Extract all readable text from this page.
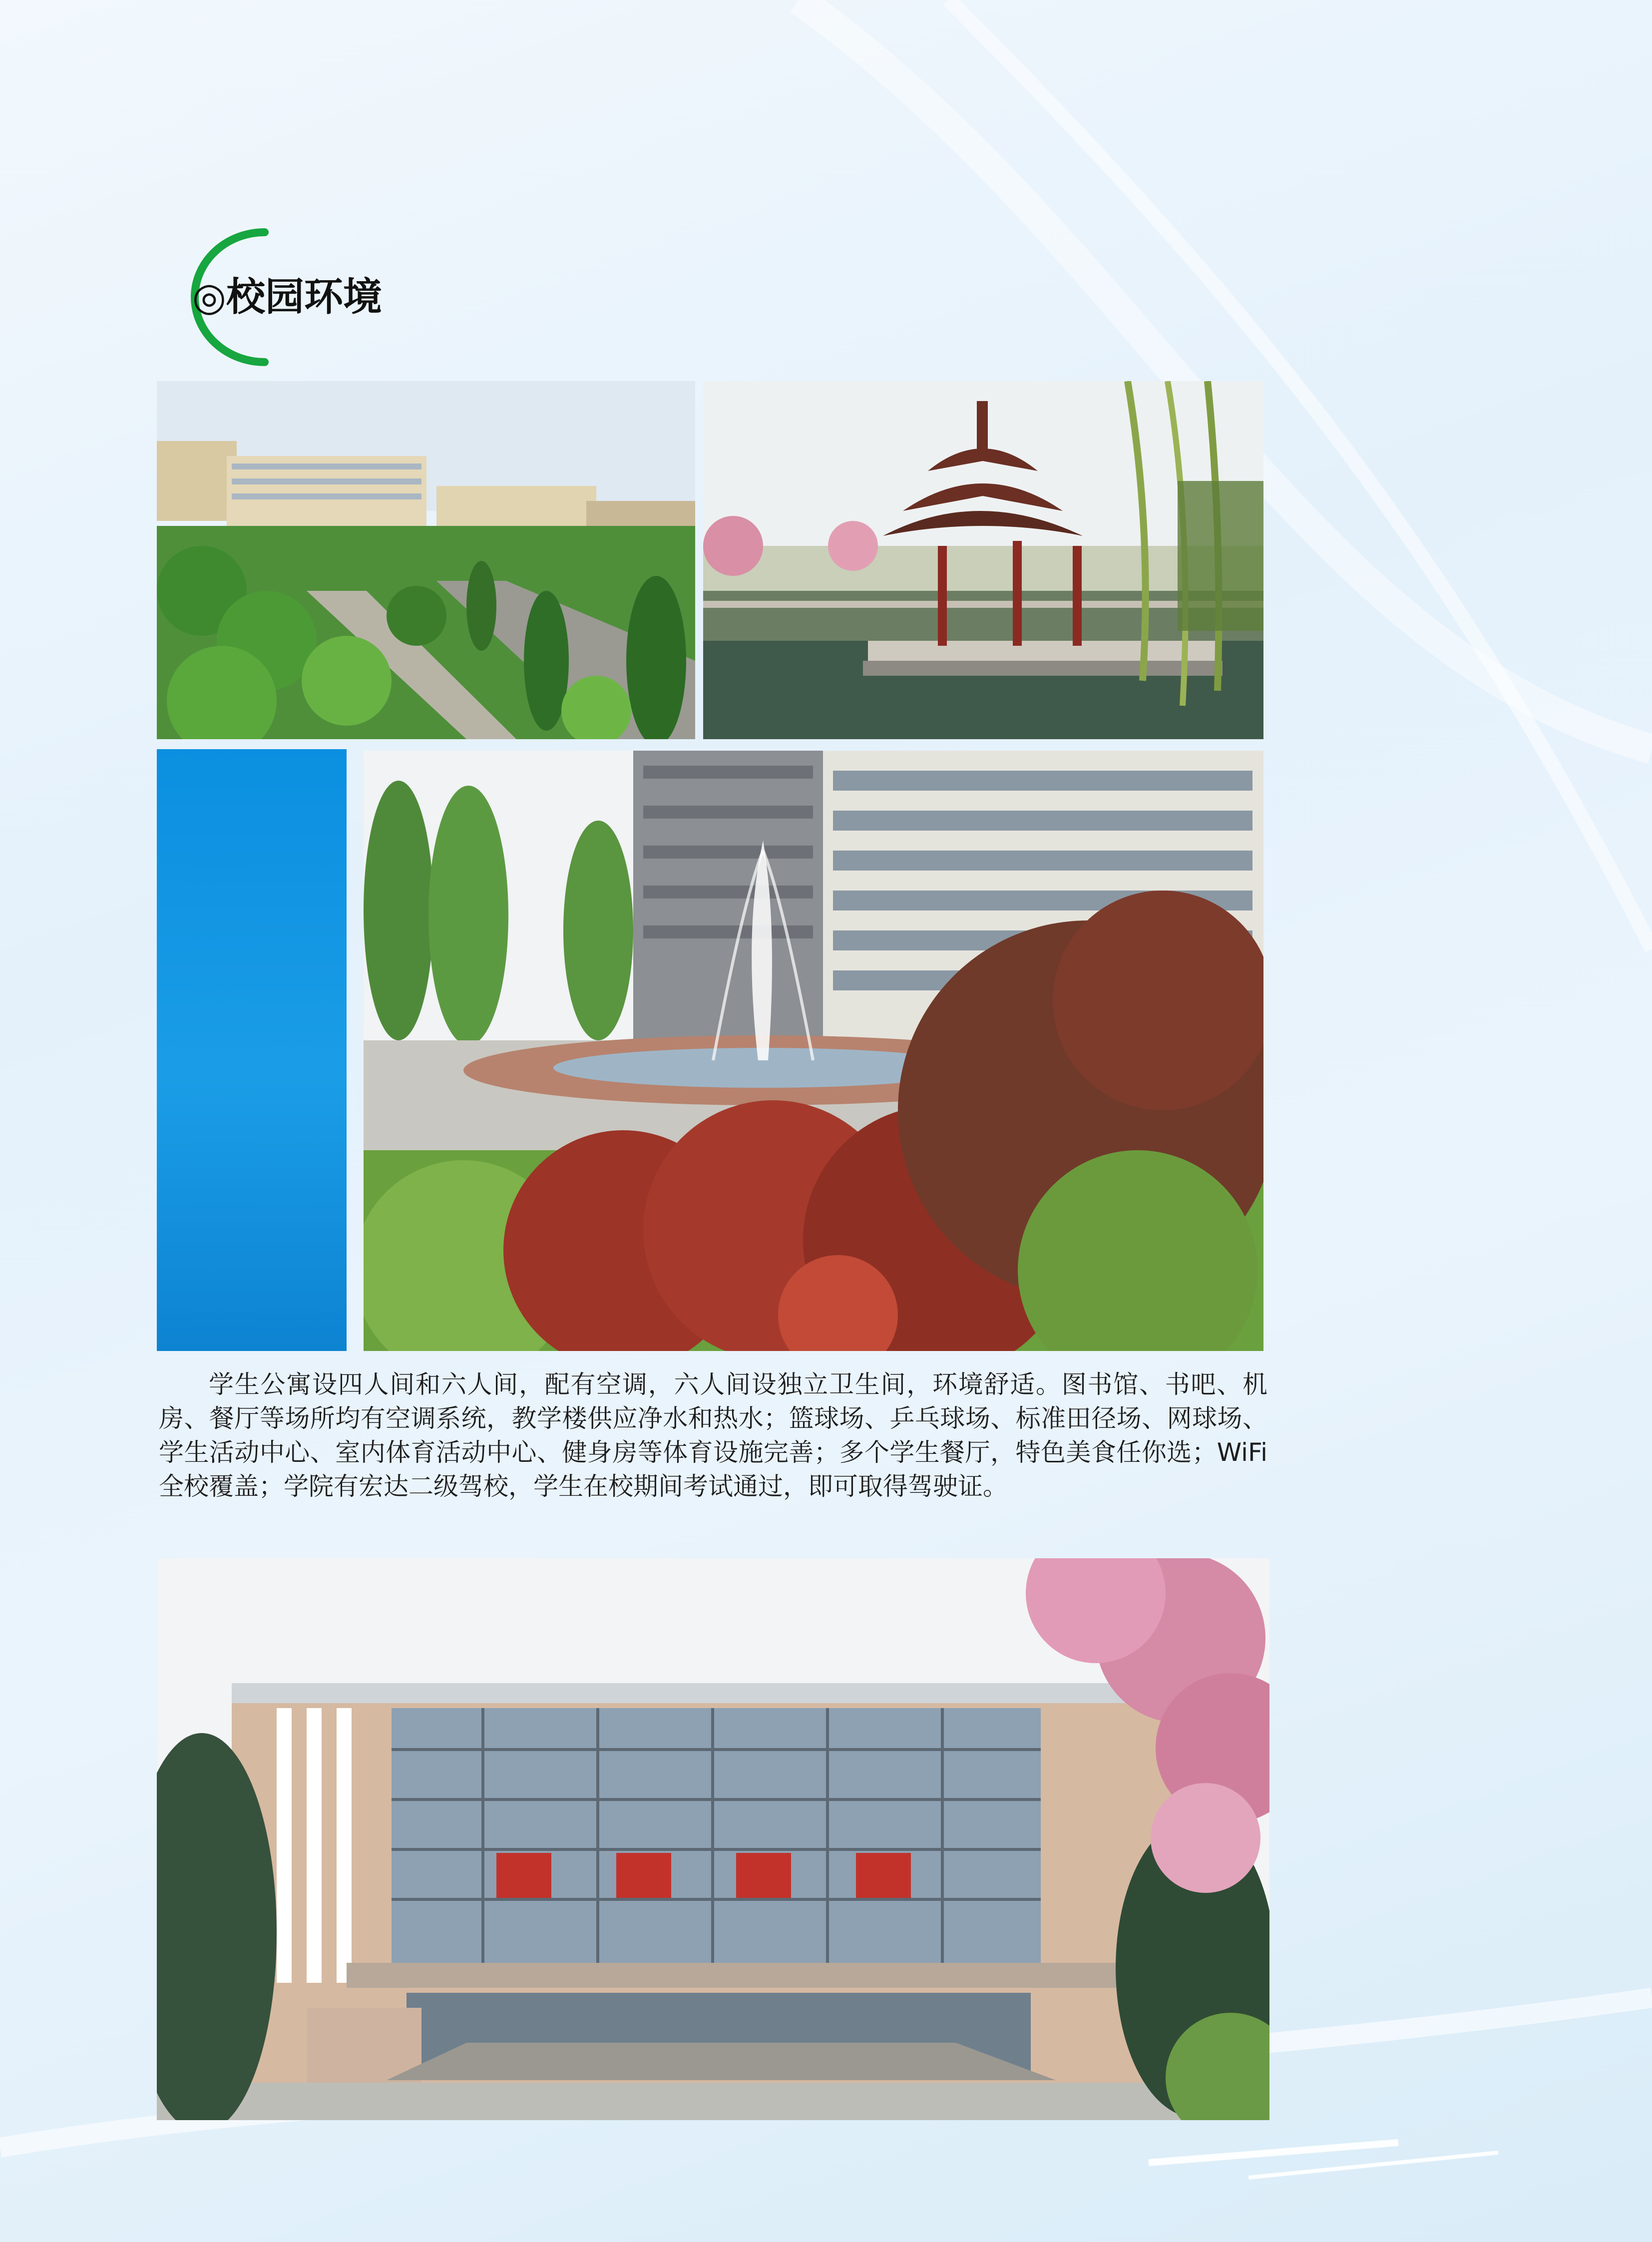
◎校园环境

学生公寓设四人间和六人间，配有空调，六人间设独立卫生间，环境舒适。图书馆、书吧、机房、餐厅等场所均有空调系统，教学楼供应净水和热水；篮球场、乒乓球场、标准田径场、网球场、学生活动中心、室内体育活动中心、健身房等体育设施完善；多个学生餐厅，特色美食任你选；WiFi 全校覆盖；学院有宏达二级驾校，学生在校期间考试通过，即可取得驾驶证。
